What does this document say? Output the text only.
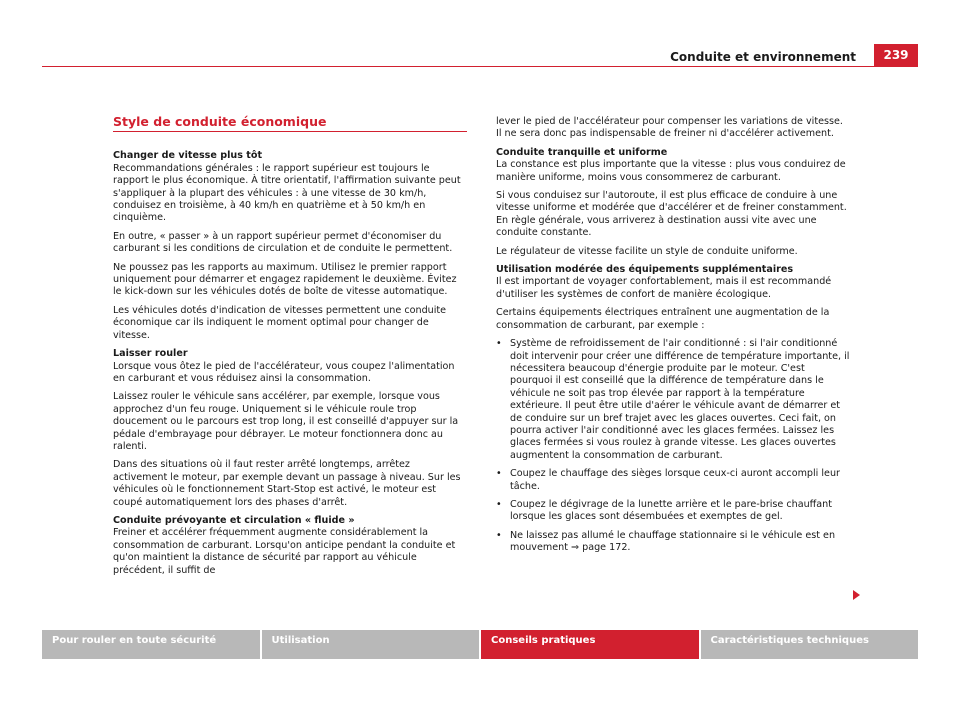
Conduite et environnement	239
Style de conduite économique

Changer de vitesse plus tôt

Recommandations générales : le rapport supérieur est toujours le rapport le plus économique. À titre orientatif, l'affirmation suivante peut s'appliquer à la plupart des véhicules : à une vitesse de 30 km/h, conduisez en troisième, à 40 km/h en quatrième et à 50 km/h en cinquième.

En outre, « passer » à un rapport supérieur permet d'économiser du carburant si les conditions de circulation et de conduite le permettent.

Ne poussez pas les rapports au maximum. Utilisez le premier rapport uniquement pour démarrer et engagez rapidement le deuxième. Évitez le kick-down sur les véhicules dotés de boîte de vitesse automatique.

Les véhicules dotés d'indication de vitesses permettent une conduite économique car ils indiquent le moment optimal pour changer de vitesse.

Laisser rouler

Lorsque vous ôtez le pied de l'accélérateur, vous coupez l'alimentation en carburant et vous réduisez ainsi la consommation.

Laissez rouler le véhicule sans accélérer, par exemple, lorsque vous approchez d'un feu rouge. Uniquement si le véhicule roule trop doucement ou le parcours est trop long, il est conseillé d'appuyer sur la pédale d'embrayage pour débrayer. Le moteur fonctionnera donc au ralenti.

Dans des situations où il faut rester arrêté longtemps, arrêtez activement le moteur, par exemple devant un passage à niveau. Sur les véhicules où le fonctionnement Start-Stop est activé, le moteur est coupé automatiquement lors des phases d'arrêt.

Conduite prévoyante et circulation « fluide »

Freiner et accélérer fréquemment augmente considérablement la consommation de carburant. Lorsqu'on anticipe pendant la conduite et qu'on maintient la distance de sécurité par rapport au véhicule précédent, il suffit de

lever le pied de l'accélérateur pour compenser les variations de vitesse. Il ne sera donc pas indispensable de freiner ni d'accélérer activement.

Conduite tranquille et uniforme

La constance est plus importante que la vitesse : plus vous conduirez de manière uniforme, moins vous consommerez de carburant.

Si vous conduisez sur l'autoroute, il est plus efficace de conduire à une vitesse uniforme et modérée que d'accélérer et de freiner constamment. En règle générale, vous arriverez à destination aussi vite avec une conduite constante.

Le régulateur de vitesse facilite un style de conduite uniforme.

Utilisation modérée des équipements supplémentaires

Il est important de voyager confortablement, mais il est recommandé d'utiliser les systèmes de confort de manière écologique.

Certains équipements électriques entraînent une augmentation de la consommation de carburant, par exemple :

• Système de refroidissement de l'air conditionné : si l'air conditionné doit intervenir pour créer une différence de température importante, il nécessitera beaucoup d'énergie produite par le moteur. C'est pourquoi il est conseillé que la différence de température dans le véhicule ne soit pas trop élevée par rapport à la température extérieure. Il peut être utile d'aérer le véhicule avant de démarrer et de conduire sur un bref trajet avec les glaces ouvertes. Ceci fait, on pourra activer l'air conditionné avec les glaces fermées. Laissez les glaces fermées si vous roulez à grande vitesse. Les glaces ouvertes augmentent la consommation de carburant.
• Coupez le chauffage des sièges lorsque ceux-ci auront accompli leur tâche.
• Coupez le dégivrage de la lunette arrière et le pare-brise chauffant lorsque les glaces sont désembuées et exemptes de gel.
• Ne laissez pas allumé le chauffage stationnaire si le véhicule est en mouvement ⇒ page 172.
Pour rouler en toute sécurité	Utilisation	Conseils pratiques	Caractéristiques techniques
